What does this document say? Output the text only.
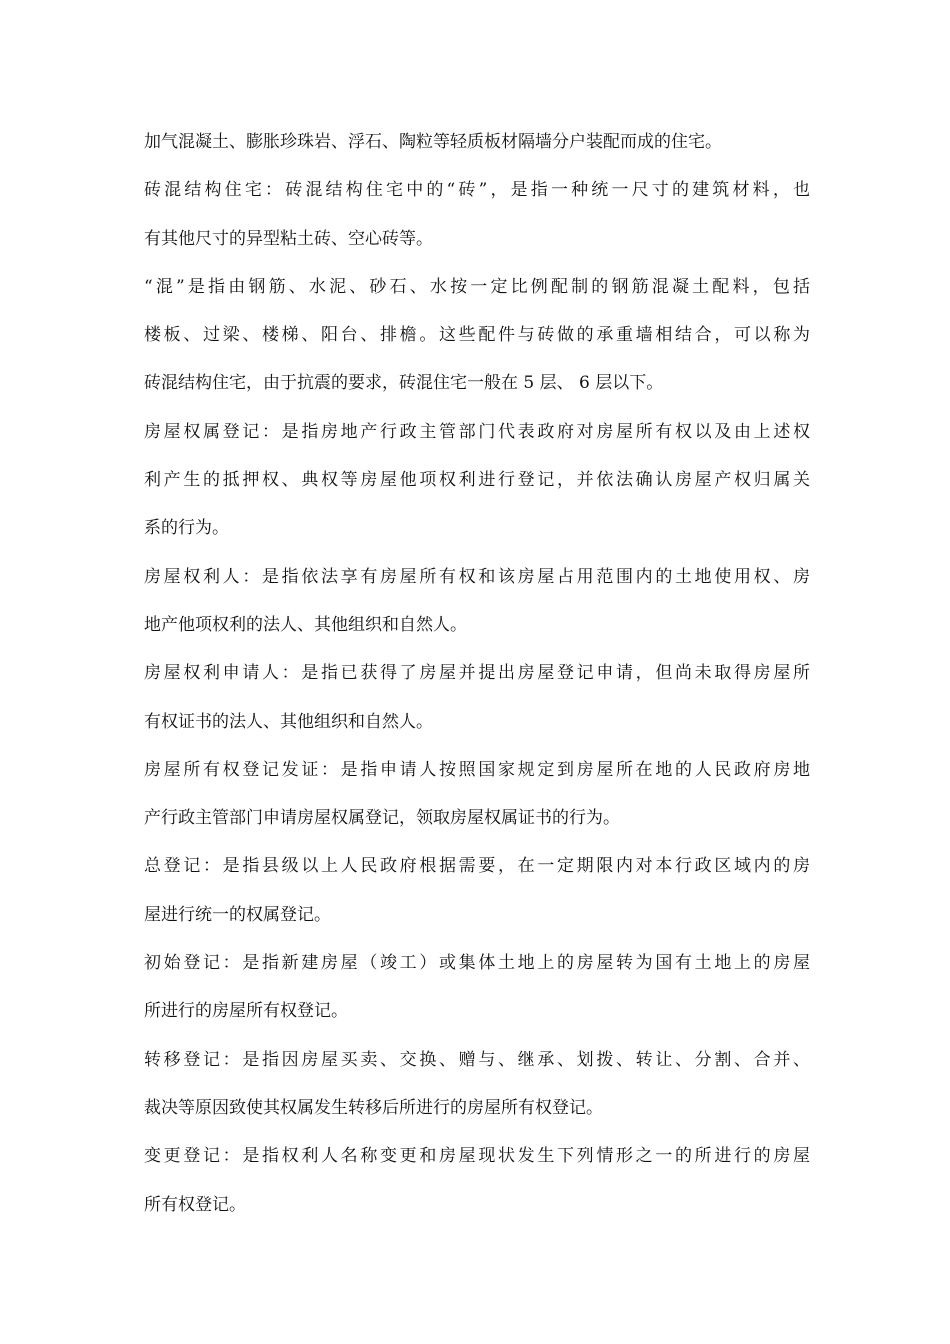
加气混凝土、膨胀珍珠岩、浮石、陶粒等轻质板材隔墙分户装配而成的住宅。
砖混结构住宅：砖混结构住宅中的“砖”，是指一种统一尺寸的建筑材料，也
有其他尺寸的异型粘土砖、空心砖等。
“混”是指由钢筋、水泥、砂石、水按一定比例配制的钢筋混凝土配料，包括
楼板、过梁、楼梯、阳台、排檐。这些配件与砖做的承重墙相结合，可以称为
砖混结构住宅，由于抗震的要求，砖混住宅一般在 5 层、 6 层以下。
房屋权属登记：是指房地产行政主管部门代表政府对房屋所有权以及由上述权
利产生的抵押权、典权等房屋他项权利进行登记，并依法确认房屋产权归属关
系的行为。
房屋权利人：是指依法享有房屋所有权和该房屋占用范围内的土地使用权、房
地产他项权利的法人、其他组织和自然人。
房屋权利申请人：是指已获得了房屋并提出房屋登记申请，但尚未取得房屋所
有权证书的法人、其他组织和自然人。
房屋所有权登记发证：是指申请人按照国家规定到房屋所在地的人民政府房地
产行政主管部门申请房屋权属登记，领取房屋权属证书的行为。
总登记：是指县级以上人民政府根据需要，在一定期限内对本行政区域内的房
屋进行统一的权属登记。
初始登记：是指新建房屋（竣工）或集体土地上的房屋转为国有土地上的房屋
所进行的房屋所有权登记。
转移登记：是指因房屋买卖、交换、赠与、继承、划拨、转让、分割、合并、
裁决等原因致使其权属发生转移后所进行的房屋所有权登记。
变更登记：是指权利人名称变更和房屋现状发生下列情形之一的所进行的房屋
所有权登记。
